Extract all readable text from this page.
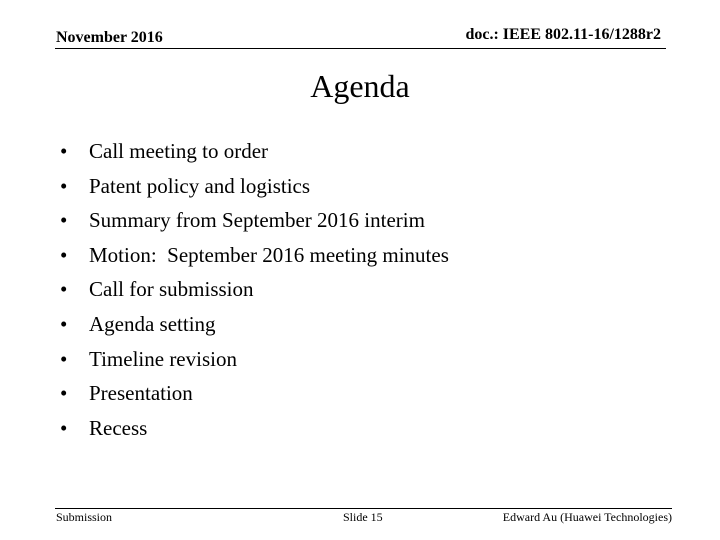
November 2016	doc.: IEEE 802.11-16/1288r2
Agenda
•	Call meeting to order
•	Patent policy and logistics
•	Summary from September 2016 interim
•	Motion:  September 2016 meeting minutes
•	Call for submission
•	Agenda setting
•	Timeline revision
•	Presentation
•	Recess
Submission	Slide 15	Edward Au (Huawei Technologies)
